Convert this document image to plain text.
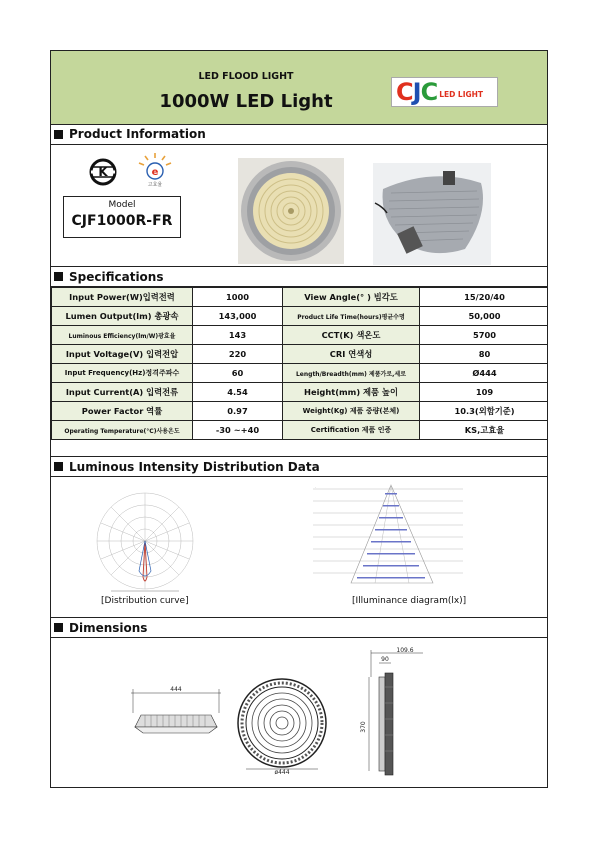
LED FLOOD LIGHT
1000W LED Light	CJC LED LIGHT
Product Information
K	e
고효율
Model
CJF1000R-FR
Specifications
Input Power(W)입력전력	1000	View Angle(° ) 빔각도	15/20/40
Lumen Output(lm) 총광속	143,000	Product Life Time(hours)평균수명	50,000
Luminous Efficiency(lm/W)광효율	143	CCT(K) 색온도	5700
Input Voltage(V) 입력전압	220	CRI 연색성	80
Input Frequency(Hz)정격주파수	60	Length/Breadth(mm) 제품가로,세로	Ø444
Input Current(A) 입력전류	4.54	Height(mm) 제품 높이	109
Power Factor 역률	0.97	Weight(Kg) 제품 중량(본체)	10.3(외함기준)
Operating Temperature(°C)사용온도	-30 ~+40	Certification 제품 인증	KS,고효율
Luminous Intensity Distribution Data
[Distribution curve]
.
[Illuminance diagram(lx)]
Dimensions
444
ø444
109.6
90
370
